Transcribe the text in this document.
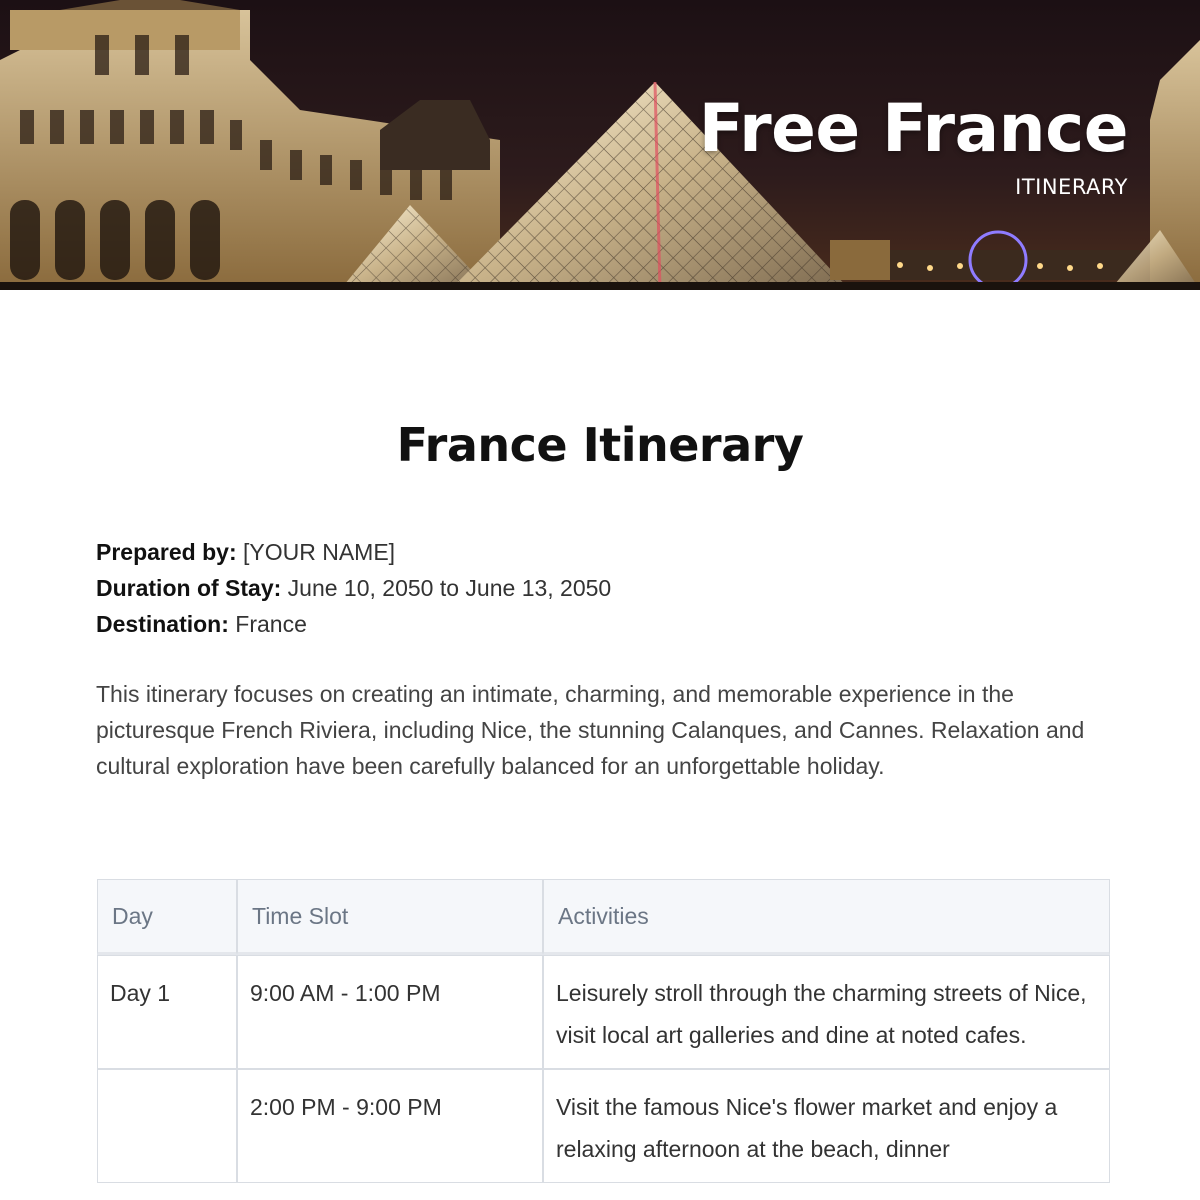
Free France
ITINERARY
France Itinerary
Prepared by: [YOUR NAME]
Duration of Stay: June 10, 2050 to June 13, 2050
Destination: France

This itinerary focuses on creating an intimate, charming, and memorable experience in the picturesque French Riviera, including Nice, the stunning Calanques, and Cannes. Relaxation and cultural exploration have been carefully balanced for an unforgettable holiday.

Day	Time Slot	Activities
Day 1	9:00 AM - 1:00 PM	Leisurely stroll through the charming streets of Nice, visit local art galleries and dine at noted cafes.
	2:00 PM - 9:00 PM	Visit the famous Nice's flower market and enjoy a relaxing afternoon at the beach, dinner
